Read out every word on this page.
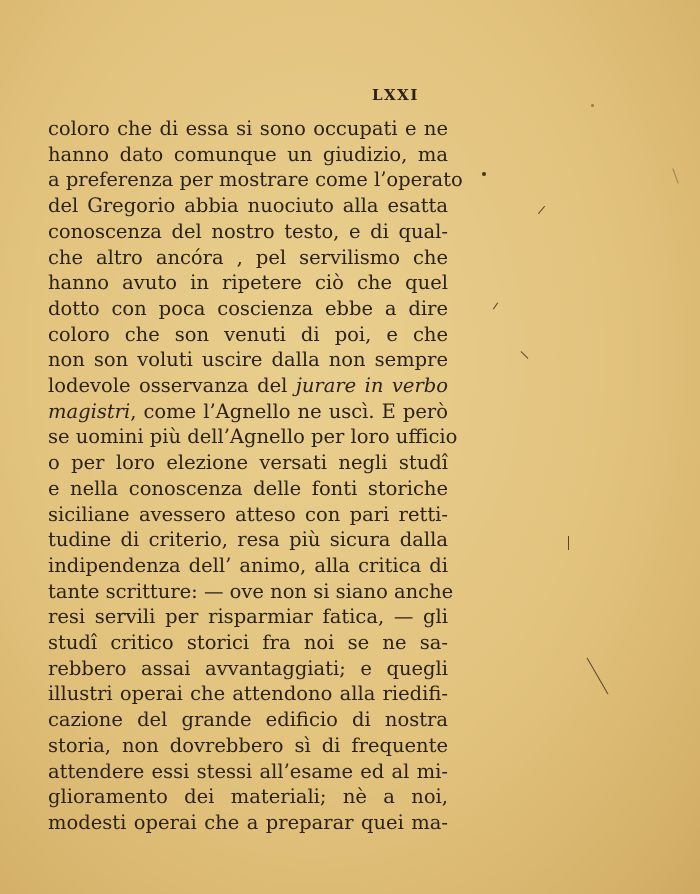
LXXI
coloro che di essa si sono occupati e ne
hanno dato comunque un giudizio, ma
a preferenza per mostrare come l’operato
del Gregorio abbia nuociuto alla esatta
conoscenza del nostro testo, e di qual-
che altro ancóra , pel servilismo che
hanno avuto in ripetere ciò che quel
dotto con poca coscienza ebbe a dire
coloro che son venuti di poi, e che
non son voluti uscire dalla non sempre
lodevole osservanza del jurare in verbo
magistri, come l’Agnello ne uscì. E però
se uomini più dell’Agnello per loro ufficio
o per loro elezione versati negli studî
e nella conoscenza delle fonti storiche
siciliane avessero atteso con pari retti-
tudine di criterio, resa più sicura dalla
indipendenza dell’ animo, alla critica di
tante scritture: — ove non si siano anche
resi servili per risparmiar fatica, — gli
studî critico storici fra noi se ne sa-
rebbero assai avvantaggiati; e quegli
illustri operai che attendono alla riedifi-
cazione del grande edificio di nostra
storia, non dovrebbero sì di frequente
attendere essi stessi all’esame ed al mi-
glioramento dei materiali; nè a noi,
modesti operai che a preparar quei ma-
